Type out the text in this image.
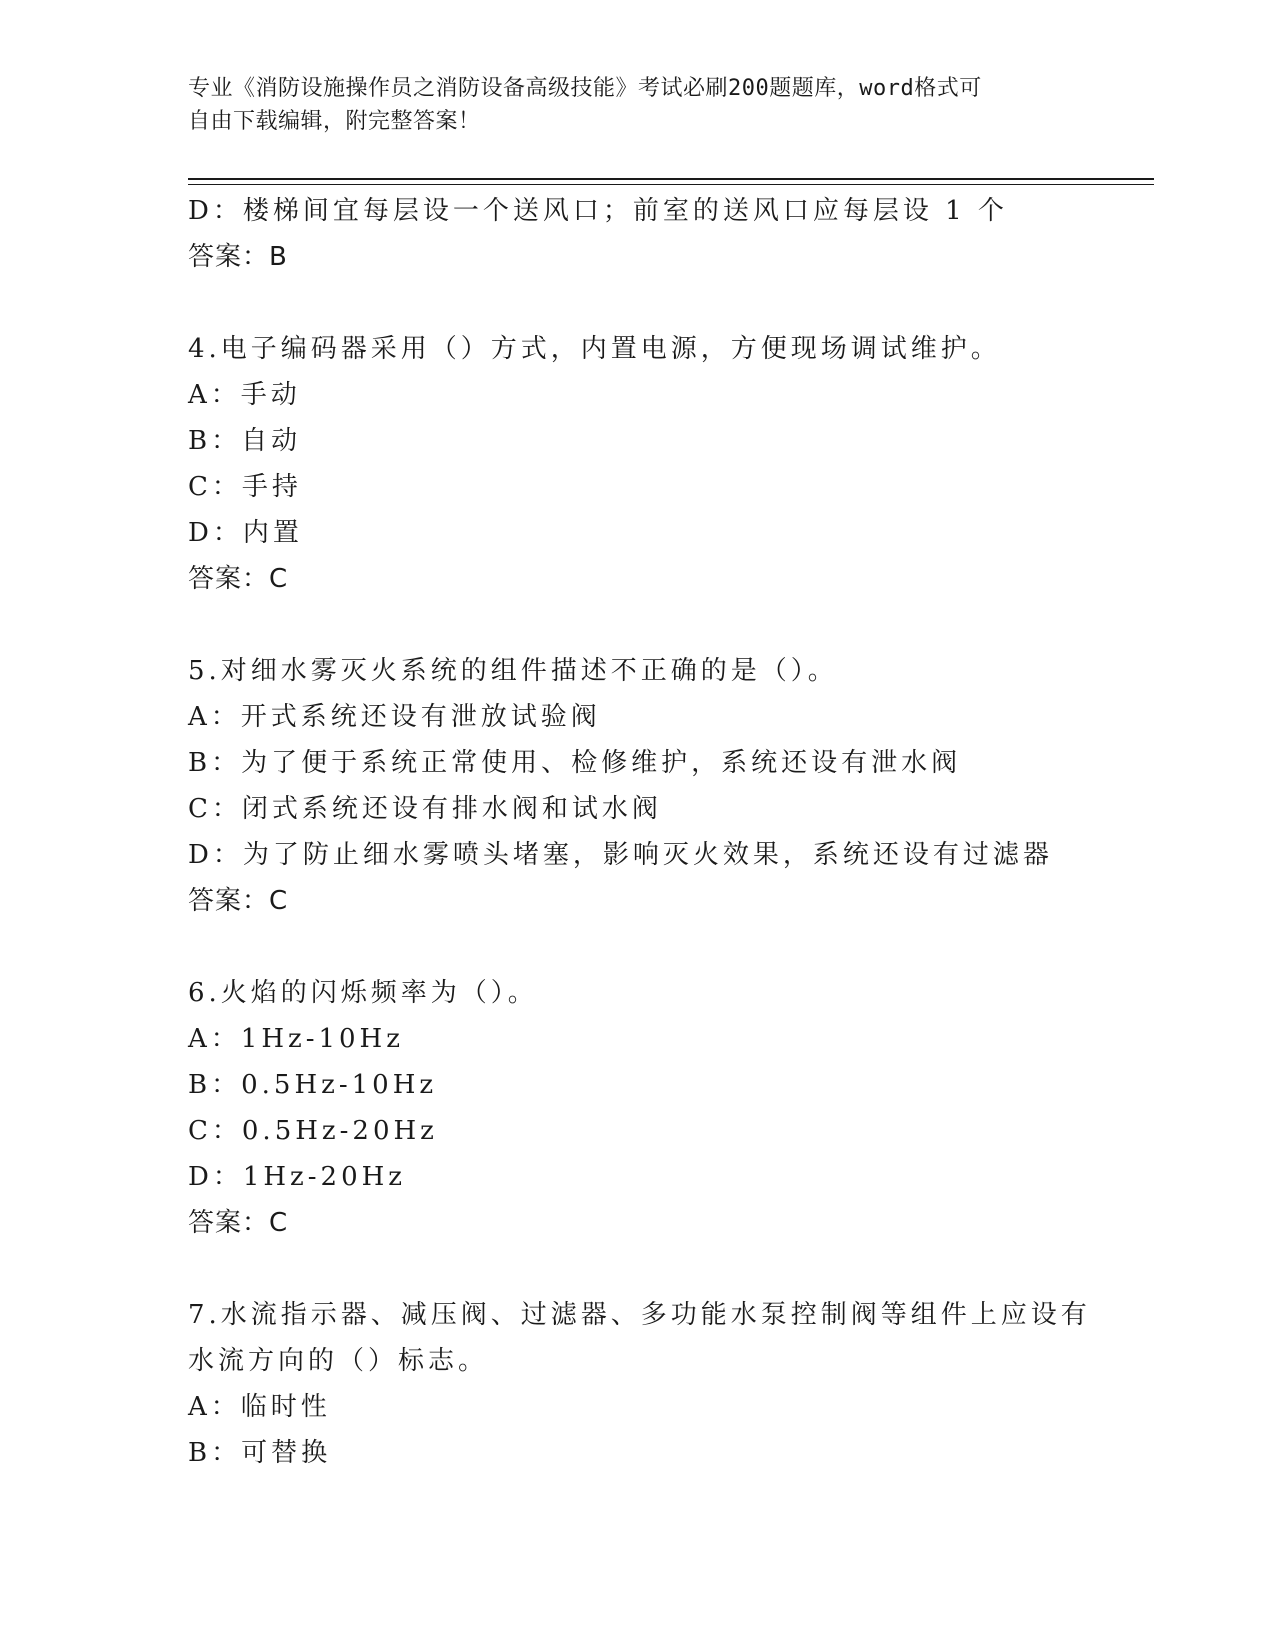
专业《消防设施操作员之消防设备高级技能》考试必刷200题题库，word格式可
自由下载编辑，附完整答案！
D：楼梯间宜每层设一个送风口；前室的送风口应每层设 1 个
答案：B
4.电子编码器采用（）方式，内置电源，方便现场调试维护。
A：手动
B：自动
C：手持
D：内置
答案：C
5.对细水雾灭火系统的组件描述不正确的是（）。
A：开式系统还设有泄放试验阀
B：为了便于系统正常使用、检修维护，系统还设有泄水阀
C：闭式系统还设有排水阀和试水阀
D：为了防止细水雾喷头堵塞，影响灭火效果，系统还设有过滤器
答案：C
6.火焰的闪烁频率为（）。
A：1Hz-10Hz
B：0.5Hz-10Hz
C：0.5Hz-20Hz
D：1Hz-20Hz
答案：C
7.水流指示器、减压阀、过滤器、多功能水泵控制阀等组件上应设有
水流方向的（）标志。
A：临时性
B：可替换
